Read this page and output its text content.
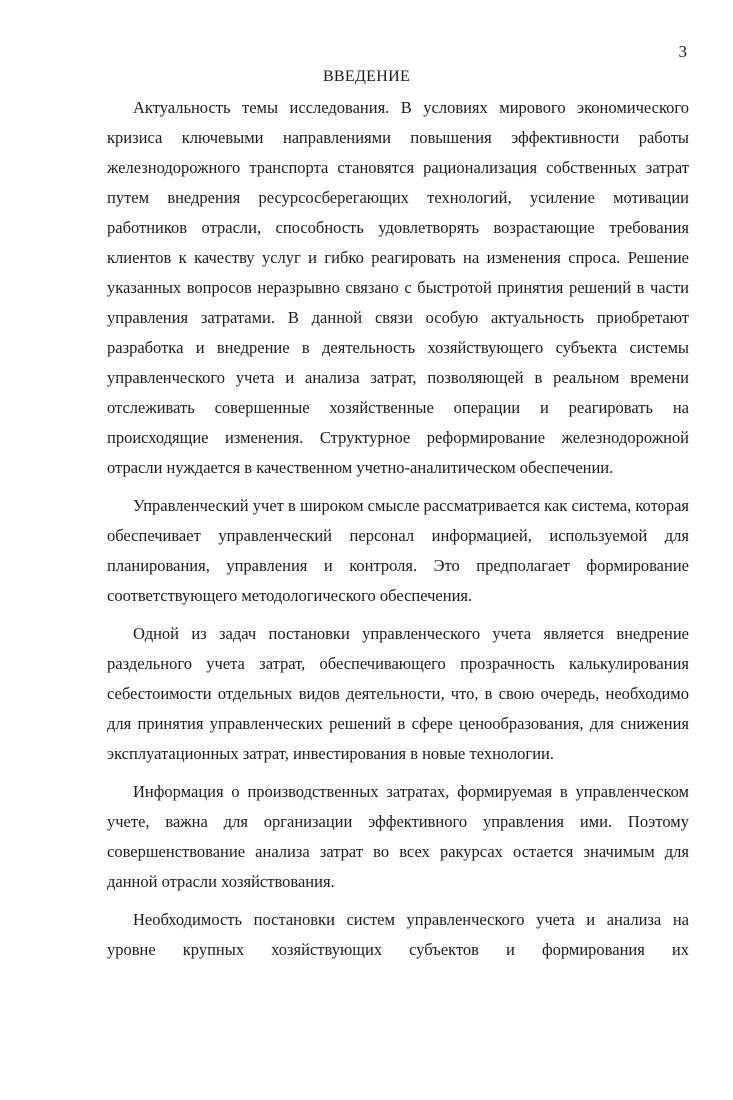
3
ВВЕДЕНИЕ

Актуальность темы исследования. В условиях мирового экономического кризиса ключевыми направлениями повышения эффективности работы железнодорожного транспорта становятся рационализация собственных затрат путем внедрения ресурсосберегающих технологий, усиление мотивации работников отрасли, способность удовлетворять возрастающие требования клиентов к качеству услуг и гибко реагировать на изменения спроса. Решение указанных вопросов неразрывно связано с быстротой принятия решений в части управления затратами. В данной связи особую актуальность приобретают разработка и внедрение в деятельность хозяйствующего субъекта системы управленческого учета и анализа затрат, позволяющей в реальном времени отслеживать совершенные хозяйственные операции и реагировать на происходящие изменения. Структурное реформирование железнодорожной отрасли нуждается в качественном учетно-аналитическом обеспечении.

Управленческий учет в широком смысле рассматривается как система, которая обеспечивает управленческий персонал информацией, используемой для планирования, управления и контроля. Это предполагает формирование соответствующего методологического обеспечения.

Одной из задач постановки управленческого учета является внедрение раздельного учета затрат, обеспечивающего прозрачность калькулирования себестоимости отдельных видов деятельности, что, в свою очередь, необходимо для принятия управленческих решений в сфере ценообразования, для снижения эксплуатационных затрат, инвестирования в новые технологии.

Информация о производственных затратах, формируемая в управленческом учете, важна для организации эффективного управления ими. Поэтому совершенствование анализа затрат во всех ракурсах остается значимым для данной отрасли хозяйствования.

Необходимость постановки систем управленческого учета и анализа на уровне крупных хозяйствующих субъектов и формирования их
